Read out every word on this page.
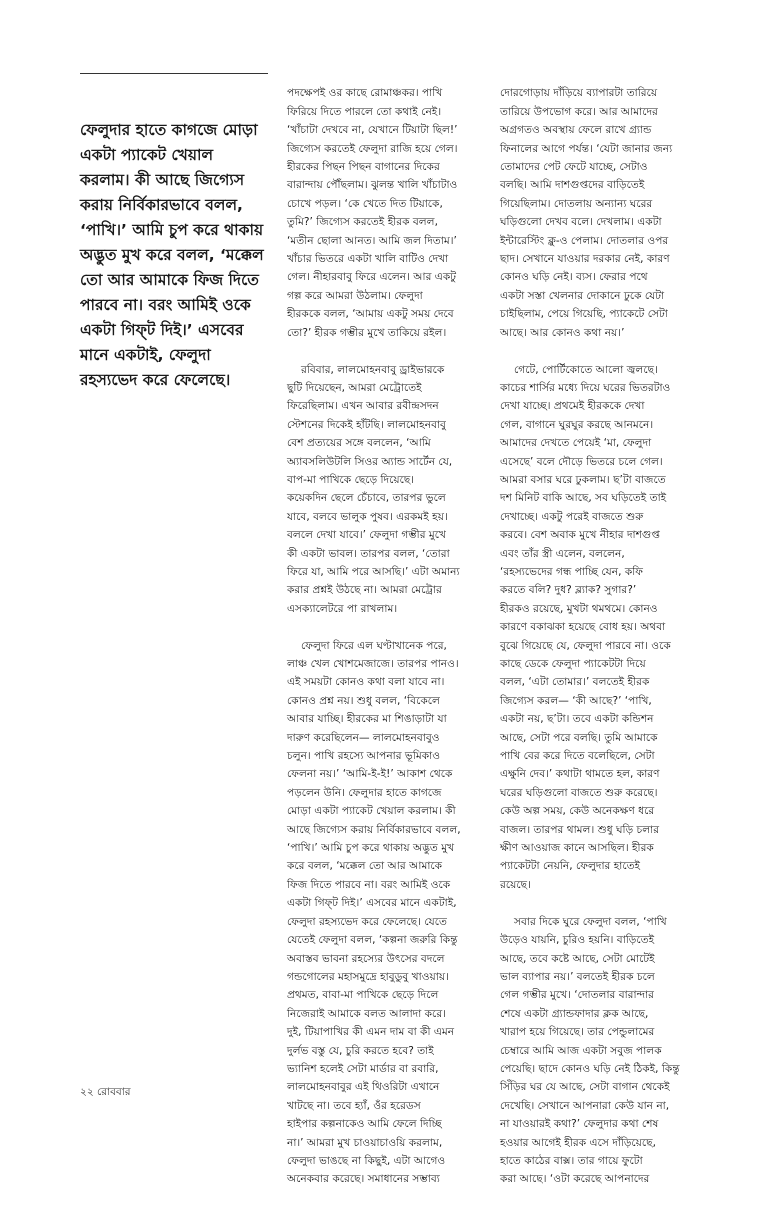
ফেলুদার হাতে কাগজে মোড়া
একটা প্যাকেট খেয়াল
করলাম। কী আছে জিগ্যেস
করায় নির্বিকারভাবে বলল,
‘পাখি।’ আমি চুপ করে থাকায়
অদ্ভুত মুখ করে বলল, ‘মক্কেল
তো আর আমাকে ফিজ দিতে
পারবে না। বরং আমিই ওকে
একটা গিফ্‌ট দিই।’ এসবের
মানে একটাই, ফেলুদা
রহস্যভেদ করে ফেলেছে।

পদক্ষেপই ওর কাছে রোমাঞ্চকর। পাখি
ফিরিয়ে দিতে পারলে তো কথাই নেই।
‘খাঁচাটা দেখবে না, যেখানে টিয়াটা ছিল!’
জিগ্যেস করতেই ফেলুদা রাজি হয়ে গেল।
হীরকের পিছন পিছন বাগানের দিকের
বারান্দায় পৌঁছলাম। ঝুলন্ত খালি খাঁচাটাও
চোখে পড়ল। ‘কে খেতে দিত টিয়াকে,
তুমি?’ জিগ্যেস করতেই হীরক বলল,
‘মতীন ছোলা আনত। আমি জল দিতাম।’
খাঁচার ভিতরে একটা খালি বাটিও দেখা
গেল। নীহারবাবু ফিরে এলেন। আর একটু
গল্প করে আমরা উঠলাম। ফেলুদা
হীরককে বলল, ‘আমায় একটু সময় দেবে
তো?’ হীরক গম্ভীর মুখে তাকিয়ে রইল।

রবিবার, লালমোহনবাবু ড্রাইভারকে
ছুটি দিয়েছেন, আমরা মেট্রোতেই
ফিরেছিলাম। এখন আবার রবীন্দ্রসদন
স্টেশনের দিকেই হাঁটছি। লালমোহনবাবু
বেশ প্রত্যয়ের সঙ্গে বললেন, ‘আমি
অ্যাবসলিউটলি সিওর অ্যান্ড সার্টেন যে,
বাপ-মা পাখিকে ছেড়ে দিয়েছে।
কয়েকদিন ছেলে চেঁচাবে, তারপর ভুলে
যাবে, বলবে ভালুক পুষব। এরকমই হয়।
বললে দেখা যাবে।’ ফেলুদা গম্ভীর মুখে
কী একটা ভাবল। তারপর বলল, ‘তোরা
ফিরে যা, আমি পরে আসছি।’ এটা অমান্য
করার প্রশ্নই উঠছে না। আমরা মেট্রোর
এসক্যালেটরে পা রাখলাম।

ফেলুদা ফিরে এল ঘণ্টাখানেক পরে,
লাঞ্চ খেল খোশমেজাজে। তারপর পানও।
এই সময়টা কোনও কথা বলা যাবে না।
কোনও প্রশ্ন নয়। শুধু বলল, ‘বিকেলে
আবার যাচ্ছি। হীরকের মা শিঙাড়াটা যা
দারুণ করেছিলেন— লালমোহনবাবুও
চলুন। পাখি রহস্যে আপনার ভূমিকাও
ফেলনা নয়।’ ‘আমি-ই-ই!’ আকাশ থেকে
পড়লেন উনি। ফেলুদার হাতে কাগজে
মোড়া একটা প্যাকেট খেয়াল করলাম। কী
আছে জিগ্যেস করায় নির্বিকারভাবে বলল,
‘পাখি।’ আমি চুপ করে থাকায় অদ্ভুত মুখ
করে বলল, ‘মক্কেল তো আর আমাকে
ফিজ দিতে পারবে না। বরং আমিই ওকে
একটা গিফ্‌ট দিই।’ এসবের মানে একটাই,
ফেলুদা রহস্যভেদ করে ফেলেছে। যেতে
যেতেই ফেলুদা বলল, ‘কল্পনা জরুরি কিন্তু
অবাস্তব ভাবনা রহস্যের উৎসের বদলে
গন্ডগোলের মহাসমুদ্রে হাবুডুবু খাওয়ায়।
প্রথমত, বাবা-মা পাখিকে ছেড়ে দিলে
নিজেরাই আমাকে বলত আলাদা করে।
দুই, টিয়াপাখির কী এমন দাম বা কী এমন
দুর্লভ বস্তু যে, চুরি করতে হবে? তাই
ভ্যানিশ হলেই সেটা মার্ডার বা রবারি,
লালমোহনবাবুর এই থিওরিটা এখানে
খাটছে না। তবে হ্যাঁ, ওঁর হরেডস
হাইপার কল্পনাকেও আমি ফেলে দিচ্ছি
না।’ আমরা মুখ চাওয়াচাওয়ি করলাম,
ফেলুদা ভাঙছে না কিছুই, এটা আগেও
অনেকবার করেছে। সমাধানের সম্ভাব্য

দোরগোড়ায় দাঁড়িয়ে ব্যাপারটা তারিয়ে
তারিয়ে উপভোগ করে। আর আমাদের
অগ্রগতও অবস্থায় ফেলে রাখে গ্র্যান্ড
ফিনালের আগে পর্যন্ত। ‘যেটা জানার জন্য
তোমাদের পেট ফেটে যাচ্ছে, সেটাও
বলছি। আমি দাশগুপ্তদের বাড়িতেই
গিয়েছিলাম। দোতলায় অন্যান্য ঘরের
ঘড়িগুলো দেখব বলে। দেখলাম। একটা
ইন্টারেস্টিং ক্লু-ও পেলাম। দোতলার ওপর
ছাদ। সেখানে যাওয়ার দরকার নেই, কারণ
কোনও ঘড়ি নেই। ব্যস। ফেরার পথে
একটা সস্তা খেলনার দোকানে ঢুকে যেটা
চাইছিলাম, পেয়ে গিয়েছি, প্যাকেটে সেটা
আছে। আর কোনও কথা নয়।’

গেটে, পোর্টিকোতে আলো জ্বলছে।
কাচের শার্সির মধ্যে দিয়ে ঘরের ভিতরটাও
দেখা যাচ্ছে। প্রথমেই হীরককে দেখা
গেল, বাগানে ঘুরঘুর করছে আনমনে।
আমাদের দেখতে পেয়েই ‘মা, ফেলুদা
এসেছে’ বলে দৌড়ে ভিতরে চলে গেল।
আমরা বসার ঘরে ঢুকলাম। ছ’টা বাজতে
দশ মিনিট বাকি আছে, সব ঘড়িতেই তাই
দেখাচ্ছে। একটু পরেই বাজতে শুরু
করবে। বেশ অবাক মুখে নীহার দাশগুপ্ত
এবং তাঁর স্ত্রী এলেন, বললেন,
‘রহস্যভেদের গন্ধ পাচ্ছি যেন, কফি
করতে বলি? দুধ? ব্ল্যাক? সুগার?’
হীরকও রয়েছে, মুখটা থমথমে। কোনও
কারণে বকাঝকা হয়েছে বোধ হয়। অথবা
বুঝে গিয়েছে যে, ফেলুদা পারবে না। ওকে
কাছে ডেকে ফেলুদা প্যাকেটটা দিয়ে
বলল, ‘এটা তোমার।’ বলতেই হীরক
জিগ্যেস করল— ‘কী আছে?’ ‘পাখি,
একটা নয়, ছ’টা। তবে একটা কন্ডিশন
আছে, সেটা পরে বলছি। তুমি আমাকে
পাখি বের করে দিতে বলেছিলে, সেটা
এক্ষুনি দেব।’ কথাটা থামতে হল, কারণ
ঘরের ঘড়িগুলো বাজতে শুরু করেছে।
কেউ অল্প সময়, কেউ অনেকক্ষণ ধরে
বাজল। তারপর থামল। শুধু ঘড়ি চলার
ক্ষীণ আওয়াজ কানে আসছিল। হীরক
প্যাকেটটা নেয়নি, ফেলুদার হাতেই
রয়েছে।

সবার দিকে ঘুরে ফেলুদা বলল, ‘পাখি
উড়েও যায়নি, চুরিও হয়নি। বাড়িতেই
আছে, তবে কষ্টে আছে, সেটা মোটেই
ভাল ব্যাপার নয়।’ বলতেই হীরক চলে
গেল গম্ভীর মুখে। ‘দোতলার বারান্দার
শেষে একটা গ্র্যান্ডফাদার ক্লক আছে,
খারাপ হয়ে গিয়েছে। তার পেন্ডুলামের
চেম্বারে আমি আজ একটা সবুজ পালক
পেয়েছি। ছাদে কোনও ঘড়ি নেই ঠিকই, কিন্তু
সিঁড়ির ঘর যে আছে, সেটা বাগান থেকেই
দেখেছি। সেখানে আপনারা কেউ যান না,
না যাওয়ারই কথা?’ ফেলুদার কথা শেষ
হওয়ার আগেই হীরক এসে দাঁড়িয়েছে,
হাতে কাঠের বাক্স। তার গায়ে ফুটো
করা আছে। ‘ওটা করেছে আপনাদের

২২ রোববার
